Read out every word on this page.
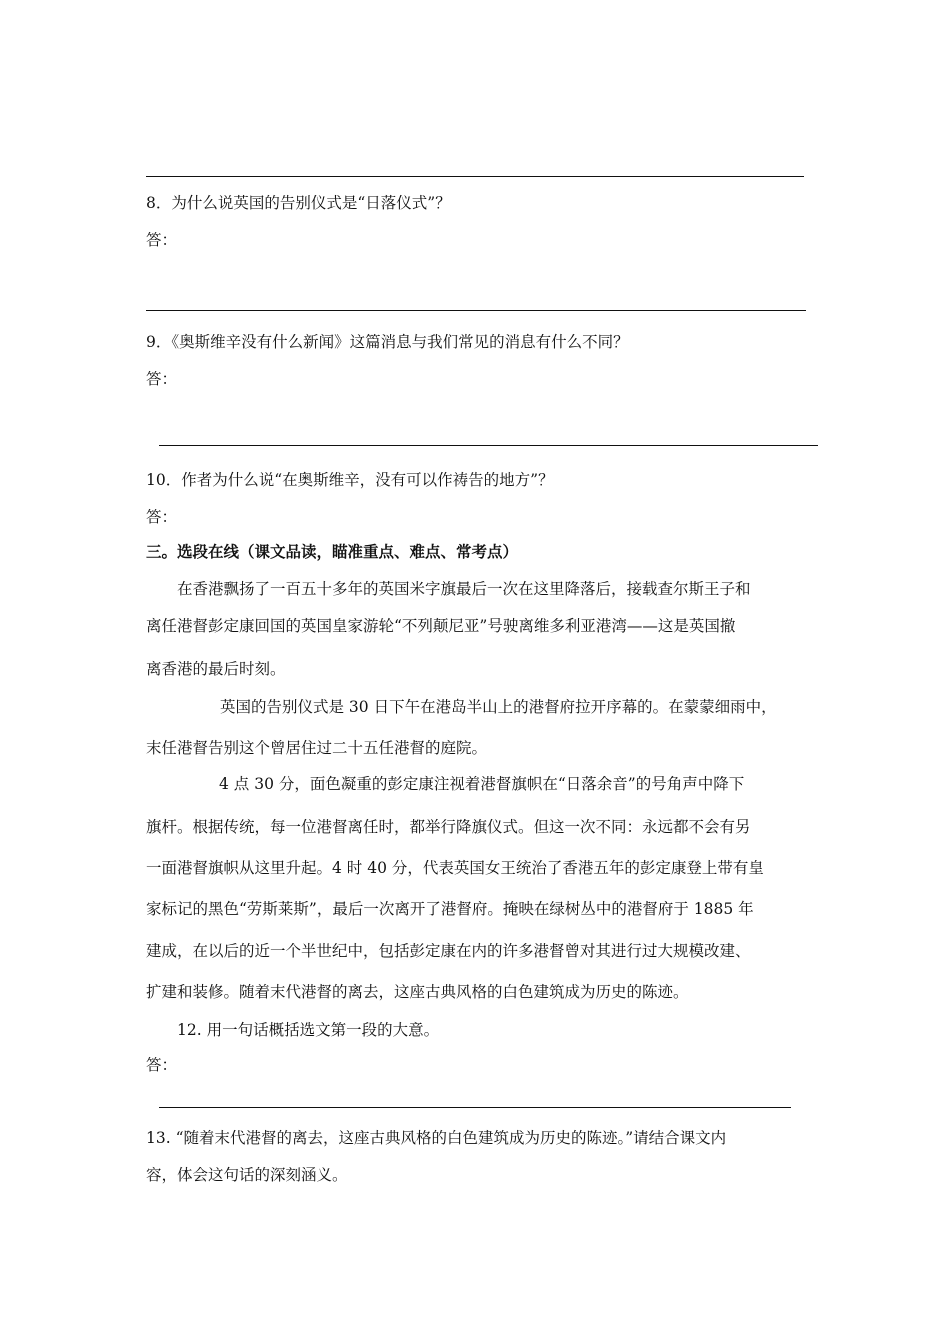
8．为什么说英国的告别仪式是“日落仪式”？
答：
9．《奥斯维辛没有什么新闻》这篇消息与我们常见的消息有什么不同？
答：
10．作者为什么说“在奥斯维辛，没有可以作祷告的地方”？
答：
三。选段在线（课文品读，瞄准重点、难点、常考点）
在香港飘扬了一百五十多年的英国米字旗最后一次在这里降落后，接载查尔斯王子和
离任港督彭定康回国的英国皇家游轮“不列颠尼亚”号驶离维多利亚港湾——这是英国撤
离香港的最后时刻。
英国的告别仪式是 30 日下午在港岛半山上的港督府拉开序幕的。在蒙蒙细雨中，
末任港督告别这个曾居住过二十五任港督的庭院。
4 点 30 分，面色凝重的彭定康注视着港督旗帜在“日落余音”的号角声中降下
旗杆。根据传统，每一位港督离任时，都举行降旗仪式。但这一次不同：永远都不会有另
一面港督旗帜从这里升起。4 时 40 分，代表英国女王统治了香港五年的彭定康登上带有皇
家标记的黑色“劳斯莱斯”，最后一次离开了港督府。掩映在绿树丛中的港督府于 1885 年
建成，在以后的近一个半世纪中，包括彭定康在内的许多港督曾对其进行过大规模改建、
扩建和装修。随着末代港督的离去，这座古典风格的白色建筑成为历史的陈迹。
12. 用一句话概括选文第一段的大意。
答：
13. “随着末代港督的离去，这座古典风格的白色建筑成为历史的陈迹。”请结合课文内
容，体会这句话的深刻涵义。
